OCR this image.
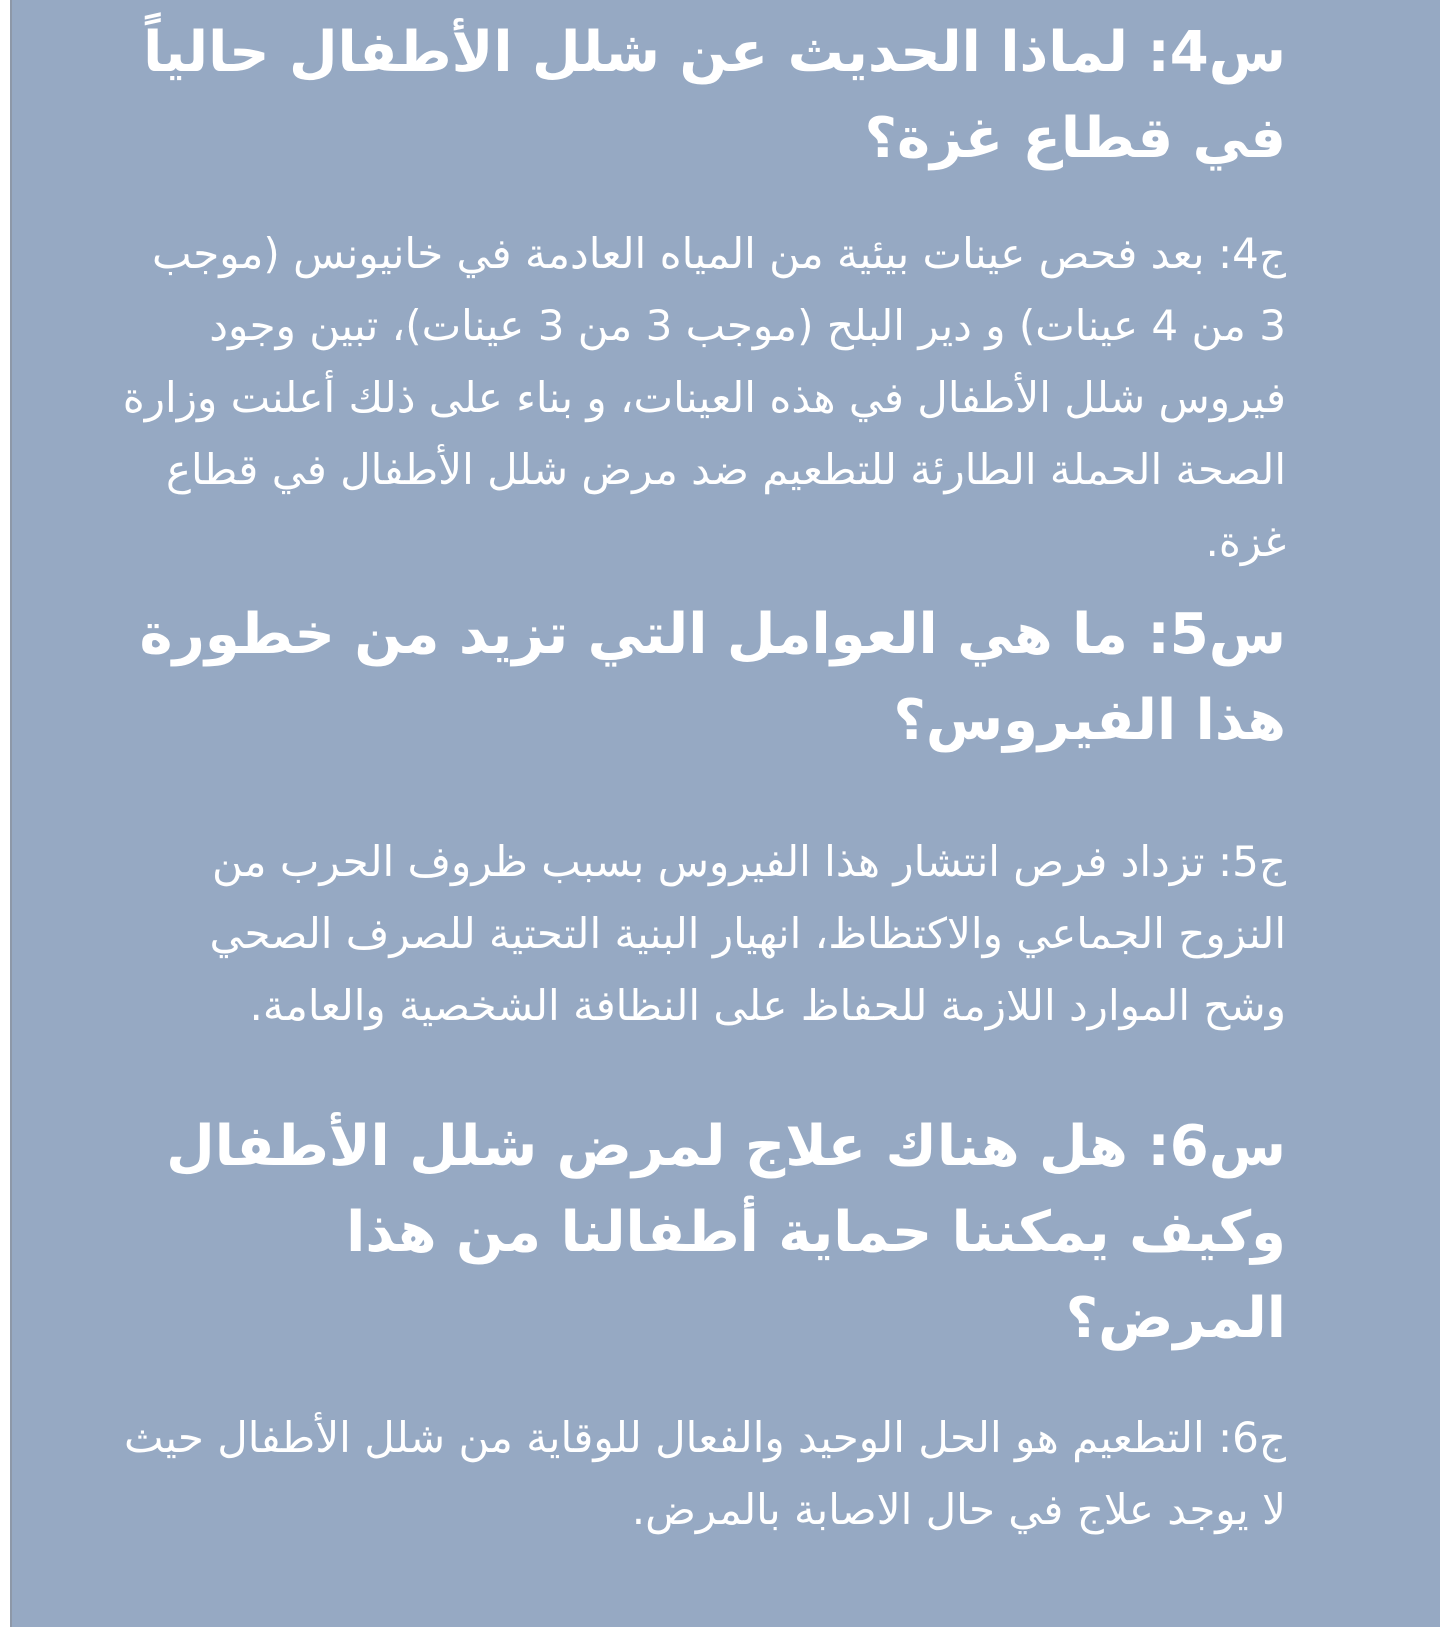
س4: لماذا الحديث عن شلل الأطفال حالياً في قطاع غزة؟

ج4: بعد فحص عينات بيئية من المياه العادمة في خانيونس (موجب 3 من 4 عينات) و دير البلح (موجب 3 من 3 عينات)، تبين وجود فيروس شلل الأطفال في هذه العينات، و بناء على ذلك أعلنت وزارة الصحة الحملة الطارئة للتطعيم ضد مرض شلل الأطفال في قطاع غزة.

س5: ما هي العوامل التي تزيد من خطورة هذا الفيروس؟

ج5: تزداد فرص انتشار هذا الفيروس بسبب ظروف الحرب من النزوح الجماعي والاكتظاظ، انهيار البنية التحتية للصرف الصحي وشح الموارد اللازمة للحفاظ على النظافة الشخصية والعامة.

س6: هل هناك علاج لمرض شلل الأطفال وكيف يمكننا حماية أطفالنا من هذا المرض؟

ج6: التطعيم هو الحل الوحيد والفعال للوقاية من شلل الأطفال حيث لا يوجد علاج في حال الاصابة بالمرض.
